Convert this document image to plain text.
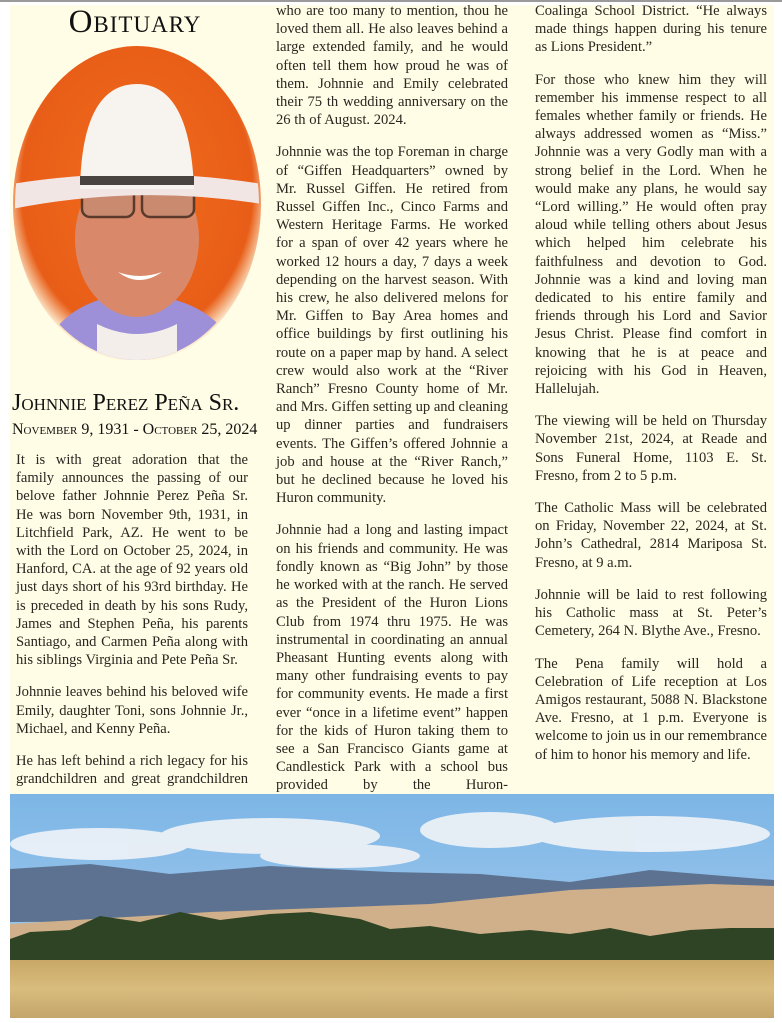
Obituary
Johnnie Perez Peña Sr.
November 9, 1931 - October 25, 2024

It is with great adoration that the family announces the passing of our belove father Johnnie Perez Peña Sr. He was born November 9th, 1931, in Litchfield Park, AZ. He went to be with the Lord on October 25, 2024, in Hanford, CA. at the age of 92 years old just days short of his 93rd birthday. He is preceded in death by his sons Rudy, James and Stephen Peña, his parents Santiago, and Carmen Peña along with his siblings Virginia and Pete Peña Sr.

Johnnie leaves behind his beloved wife Emily, daughter Toni, sons Johnnie Jr., Michael, and Kenny Peña.

He has left behind a rich legacy for his grandchildren and great grandchildren

who are too many to mention, thou he loved them all. He also leaves behind a large extended family, and he would often tell them how proud he was of them. Johnnie and Emily celebrated their 75 th wedding anniversary on the 26 th of August. 2024.

Johnnie was the top Foreman in charge of “Giffen Headquarters” owned by Mr. Russel Giffen. He retired from Russel Giffen Inc., Cinco Farms and Western Heritage Farms. He worked for a span of over 42 years where he worked 12 hours a day, 7 days a week depending on the harvest season. With his crew, he also delivered melons for Mr. Giffen to Bay Area homes and office buildings by first outlining his route on a paper map by hand. A select crew would also work at the “River Ranch” Fresno County home of Mr. and Mrs. Giffen setting up and cleaning up dinner parties and fundraisers events. The Giffen’s offered Johnnie a job and house at the “River Ranch,” but he declined because he loved his Huron community.

Johnnie had a long and lasting impact on his friends and community. He was fondly known as “Big John” by those he worked with at the ranch. He served as the President of the Huron Lions Club from 1974 thru 1975. He was instrumental in coordinating an annual Pheasant Hunting events along with many other fundraising events to pay for community events. He made a first ever “once in a lifetime event” happen for the kids of Huron taking them to see a San Francisco Giants game at Candlestick Park with a school bus provided by the Huron-

Coalinga School District. “He always made things happen during his tenure as Lions President.”

For those who knew him they will remember his immense respect to all females whether family or friends. He always addressed women as “Miss.” Johnnie was a very Godly man with a strong belief in the Lord. When he would make any plans, he would say “Lord willing.” He would often pray aloud while telling others about Jesus which helped him celebrate his faithfulness and devotion to God. Johnnie was a kind and loving man dedicated to his entire family and friends through his Lord and Savior Jesus Christ. Please find comfort in knowing that he is at peace and rejoicing with his God in Heaven, Hallelujah.

The viewing will be held on Thursday November 21st, 2024, at Reade and Sons Funeral Home, 1103 E. St. Fresno, from 2 to 5 p.m.

The Catholic Mass will be celebrated on Friday, November 22, 2024, at St. John’s Cathedral, 2814 Mariposa St. Fresno, at 9 a.m.

Johnnie will be laid to rest following his Catholic mass at St. Peter’s Cemetery, 264 N. Blythe Ave., Fresno.

The Pena family will hold a Celebration of Life reception at Los Amigos restaurant, 5088 N. Blackstone Ave. Fresno, at 1 p.m. Everyone is welcome to join us in our remembrance of him to honor his memory and life.
